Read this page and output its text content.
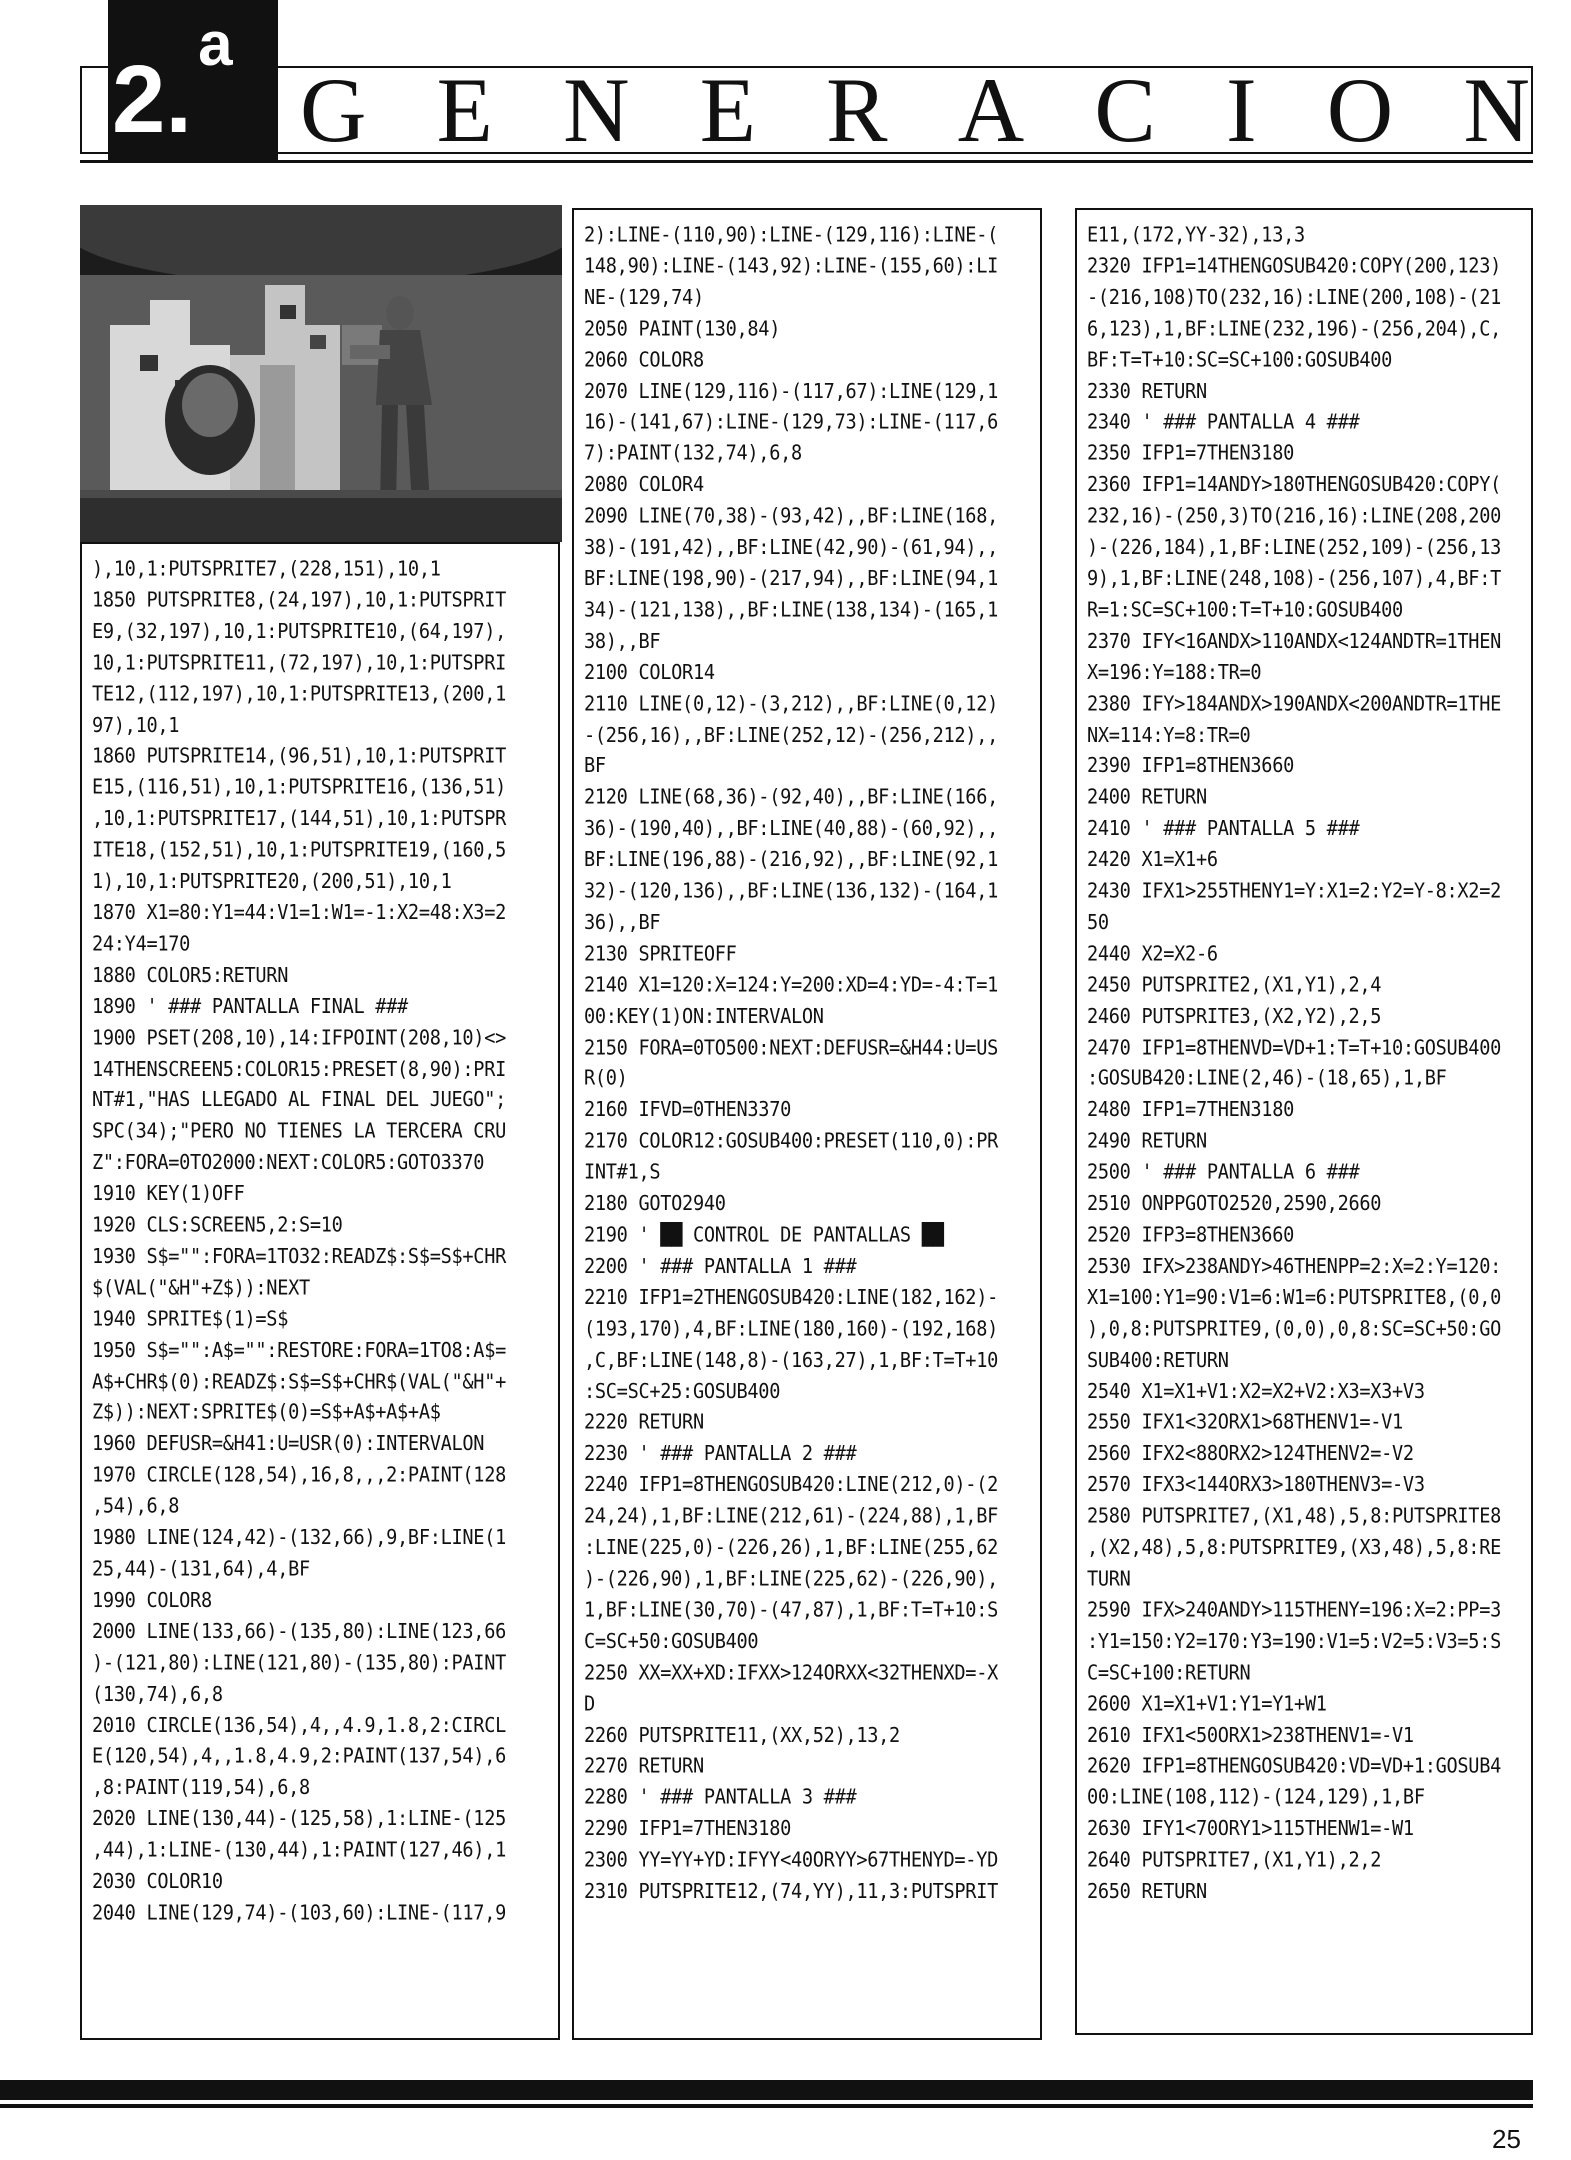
2.$^a$
G E N E R A C I O N
),10,1:PUTSPRITE7,(228,151),10,1
1850 PUTSPRITE8,(24,197),10,1:PUTSPRIT
E9,(32,197),10,1:PUTSPRITE10,(64,197),
10,1:PUTSPRITE11,(72,197),10,1:PUTSPRI
TE12,(112,197),10,1:PUTSPRITE13,(200,1
97),10,1
1860 PUTSPRITE14,(96,51),10,1:PUTSPRIT
E15,(116,51),10,1:PUTSPRITE16,(136,51)
,10,1:PUTSPRITE17,(144,51),10,1:PUTSPR
ITE18,(152,51),10,1:PUTSPRITE19,(160,5
1),10,1:PUTSPRITE20,(200,51),10,1
1870 X1=80:Y1=44:V1=1:W1=-1:X2=48:X3=2
24:Y4=170
1880 COLOR5:RETURN
1890 ' ### PANTALLA FINAL ###
1900 PSET(208,10),14:IFPOINT(208,10)<>
14THENSCREEN5:COLOR15:PRESET(8,90):PRI
NT#1,"HAS LLEGADO AL FINAL DEL JUEGO";
SPC(34);"PERO NO TIENES LA TERCERA CRU
Z":FORA=0TO2000:NEXT:COLOR5:GOTO3370
1910 KEY(1)OFF
1920 CLS:SCREEN5,2:S=10
1930 S$="":FORA=1TO32:READZ$:S$=S$+CHR
$(VAL("&H"+Z$)):NEXT
1940 SPRITE$(1)=S$
1950 S$="":A$="":RESTORE:FORA=1TO8:A$=
A$+CHR$(0):READZ$:S$=S$+CHR$(VAL("&H"+
Z$)):NEXT:SPRITE$(0)=S$+A$+A$+A$
1960 DEFUSR=&H41:U=USR(0):INTERVALON
1970 CIRCLE(128,54),16,8,,,2:PAINT(128
,54),6,8
1980 LINE(124,42)-(132,66),9,BF:LINE(1
25,44)-(131,64),4,BF
1990 COLOR8
2000 LINE(133,66)-(135,80):LINE(123,66
)-(121,80):LINE(121,80)-(135,80):PAINT
(130,74),6,8
2010 CIRCLE(136,54),4,,4.9,1.8,2:CIRCL
E(120,54),4,,1.8,4.9,2:PAINT(137,54),6
,8:PAINT(119,54),6,8
2020 LINE(130,44)-(125,58),1:LINE-(125
,44),1:LINE-(130,44),1:PAINT(127,46),1
2030 COLOR10
2040 LINE(129,74)-(103,60):LINE-(117,9
2):LINE-(110,90):LINE-(129,116):LINE-(
148,90):LINE-(143,92):LINE-(155,60):LI
NE-(129,74)
2050 PAINT(130,84)
2060 COLOR8
2070 LINE(129,116)-(117,67):LINE(129,1
16)-(141,67):LINE-(129,73):LINE-(117,6
7):PAINT(132,74),6,8
2080 COLOR4
2090 LINE(70,38)-(93,42),,BF:LINE(168,
38)-(191,42),,BF:LINE(42,90)-(61,94),,
BF:LINE(198,90)-(217,94),,BF:LINE(94,1
34)-(121,138),,BF:LINE(138,134)-(165,1
38),,BF
2100 COLOR14
2110 LINE(0,12)-(3,212),,BF:LINE(0,12)
-(256,16),,BF:LINE(252,12)-(256,212),,
BF
2120 LINE(68,36)-(92,40),,BF:LINE(166,
36)-(190,40),,BF:LINE(40,88)-(60,92),,
BF:LINE(196,88)-(216,92),,BF:LINE(92,1
32)-(120,136),,BF:LINE(136,132)-(164,1
36),,BF
2130 SPRITEOFF
2140 X1=120:X=124:Y=200:XD=4:YD=-4:T=1
00:KEY(1)ON:INTERVALON
2150 FORA=0TO500:NEXT:DEFUSR=&H44:U=US
R(0)
2160 IFVD=0THEN3370
2170 COLOR12:GOSUB400:PRESET(110,0):PR
INT#1,S
2180 GOTO2940
2190 ' ██ CONTROL DE PANTALLAS ██
2200 ' ### PANTALLA 1 ###
2210 IFP1=2THENGOSUB420:LINE(182,162)-
(193,170),4,BF:LINE(180,160)-(192,168)
,C,BF:LINE(148,8)-(163,27),1,BF:T=T+10
:SC=SC+25:GOSUB400
2220 RETURN
2230 ' ### PANTALLA 2 ###
2240 IFP1=8THENGOSUB420:LINE(212,0)-(2
24,24),1,BF:LINE(212,61)-(224,88),1,BF
:LINE(225,0)-(226,26),1,BF:LINE(255,62
)-(226,90),1,BF:LINE(225,62)-(226,90),
1,BF:LINE(30,70)-(47,87),1,BF:T=T+10:S
C=SC+50:GOSUB400
2250 XX=XX+XD:IFXX>124ORXX<32THENXD=-X
D
2260 PUTSPRITE11,(XX,52),13,2
2270 RETURN
2280 ' ### PANTALLA 3 ###
2290 IFP1=7THEN3180
2300 YY=YY+YD:IFYY<40ORYY>67THENYD=-YD
2310 PUTSPRITE12,(74,YY),11,3:PUTSPRIT
E11,(172,YY-32),13,3
2320 IFP1=14THENGOSUB420:COPY(200,123)
-(216,108)TO(232,16):LINE(200,108)-(21
6,123),1,BF:LINE(232,196)-(256,204),C,
BF:T=T+10:SC=SC+100:GOSUB400
2330 RETURN
2340 ' ### PANTALLA 4 ###
2350 IFP1=7THEN3180
2360 IFP1=14ANDY>180THENGOSUB420:COPY(
232,16)-(250,3)TO(216,16):LINE(208,200
)-(226,184),1,BF:LINE(252,109)-(256,13
9),1,BF:LINE(248,108)-(256,107),4,BF:T
R=1:SC=SC+100:T=T+10:GOSUB400
2370 IFY<16ANDX>110ANDX<124ANDTR=1THEN
X=196:Y=188:TR=0
2380 IFY>184ANDX>190ANDX<200ANDTR=1THE
NX=114:Y=8:TR=0
2390 IFP1=8THEN3660
2400 RETURN
2410 ' ### PANTALLA 5 ###
2420 X1=X1+6
2430 IFX1>255THENY1=Y:X1=2:Y2=Y-8:X2=2
50
2440 X2=X2-6
2450 PUTSPRITE2,(X1,Y1),2,4
2460 PUTSPRITE3,(X2,Y2),2,5
2470 IFP1=8THENVD=VD+1:T=T+10:GOSUB400
:GOSUB420:LINE(2,46)-(18,65),1,BF
2480 IFP1=7THEN3180
2490 RETURN
2500 ' ### PANTALLA 6 ###
2510 ONPPGOTO2520,2590,2660
2520 IFP3=8THEN3660
2530 IFX>238ANDY>46THENPP=2:X=2:Y=120:
X1=100:Y1=90:V1=6:W1=6:PUTSPRITE8,(0,0
),0,8:PUTSPRITE9,(0,0),0,8:SC=SC+50:GO
SUB400:RETURN
2540 X1=X1+V1:X2=X2+V2:X3=X3+V3
2550 IFX1<32ORX1>68THENV1=-V1
2560 IFX2<88ORX2>124THENV2=-V2
2570 IFX3<144ORX3>180THENV3=-V3
2580 PUTSPRITE7,(X1,48),5,8:PUTSPRITE8
,(X2,48),5,8:PUTSPRITE9,(X3,48),5,8:RE
TURN
2590 IFX>240ANDY>115THENY=196:X=2:PP=3
:Y1=150:Y2=170:Y3=190:V1=5:V2=5:V3=5:S
C=SC+100:RETURN
2600 X1=X1+V1:Y1=Y1+W1
2610 IFX1<50ORX1>238THENV1=-V1
2620 IFP1=8THENGOSUB420:VD=VD+1:GOSUB4
00:LINE(108,112)-(124,129),1,BF
2630 IFY1<70ORY1>115THENW1=-W1
2640 PUTSPRITE7,(X1,Y1),2,2
2650 RETURN
25
